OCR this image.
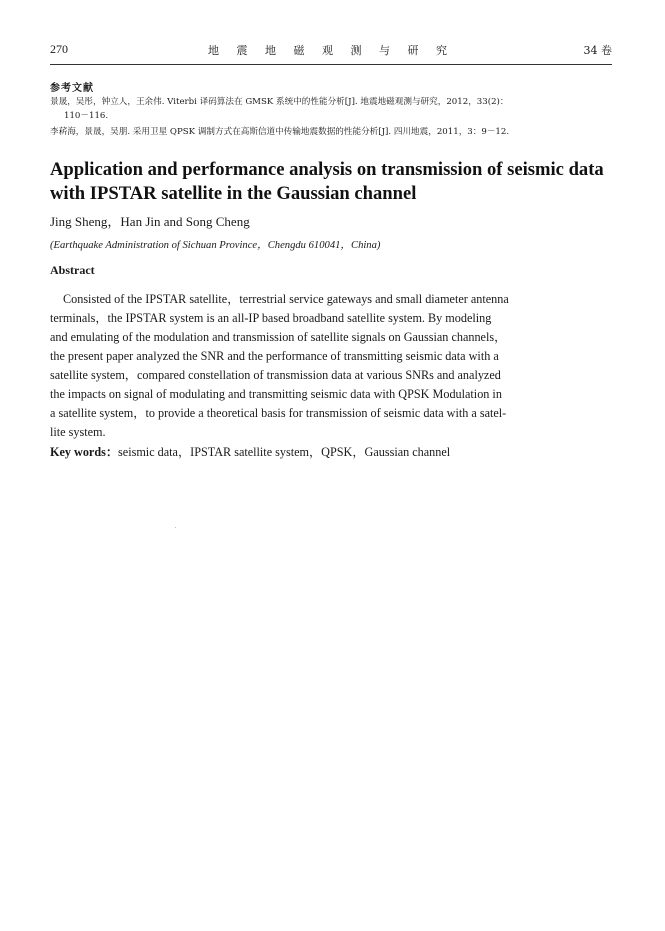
270	地 震 地 磁 观 测 与 研 究	34 卷
参考文献
景晟，吴彤，钟立人，王余伟. Viterbi 译码算法在 GMSK 系统中的性能分析[J]. 地震地磁观测与研究，2012，33(2)：
110－116.
李菥海，景晟，吴朋. 采用卫星 QPSK 调制方式在高斯信道中传输地震数据的性能分析[J]. 四川地震，2011，3：9－12.
Application and performance analysis on transmission of seismic data
with IPSTAR satellite in the Gaussian channel
Jing Sheng，Han Jin and Song Cheng
(Earthquake Administration of Sichuan Province，Chengdu 610041，China)
Abstract
Consisted of the IPSTAR satellite，terrestrial service gateways and small diameter antenna
terminals，the IPSTAR system is an all-IP based broadband satellite system. By modeling
and emulating of the modulation and transmission of satellite signals on Gaussian channels，
the present paper analyzed the SNR and the performance of transmitting seismic data with a
satellite system，compared constellation of transmission data at various SNRs and analyzed
the impacts on signal of modulating and transmitting seismic data with QPSK Modulation in
a satellite system，to provide a theoretical basis for transmission of seismic data with a satel-
lite system.
Key words：seismic data，IPSTAR satellite system，QPSK，Gaussian channel
